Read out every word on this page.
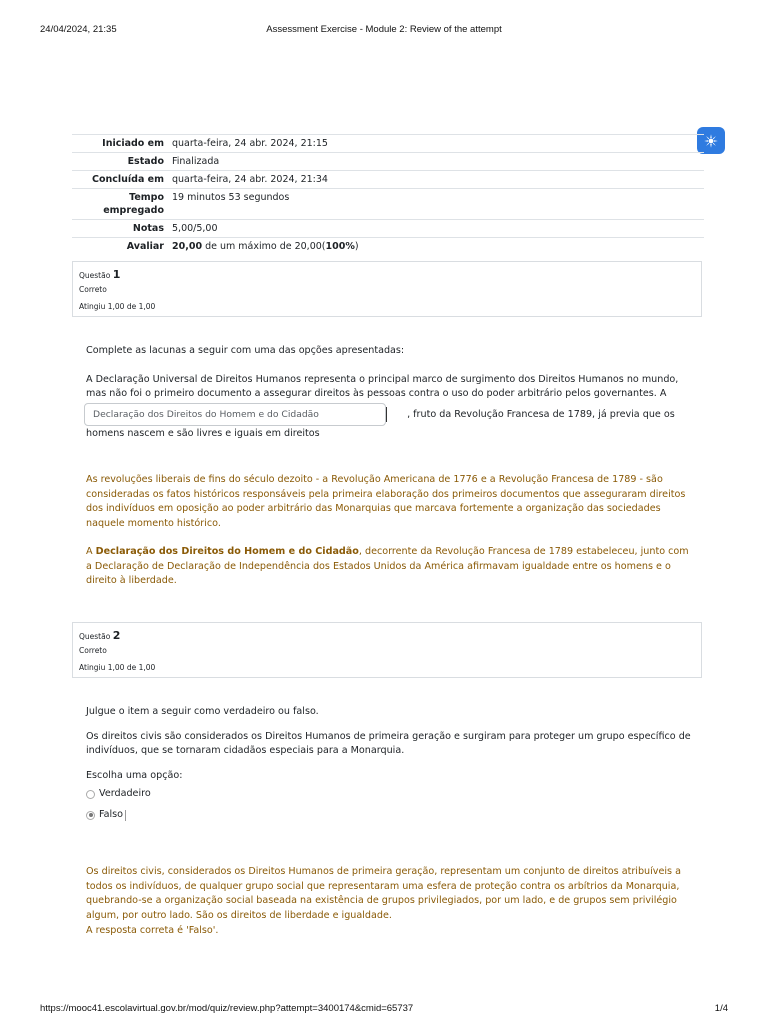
24/04/2024, 21:35	Assessment Exercise - Module 2: Review of the attempt
Iniciado em quarta-feira, 24 abr. 2024, 21:15
Estado Finalizada
Concluída em quarta-feira, 24 abr. 2024, 21:34
Tempo
empregado
19 minutos 53 segundos
Notas 5,00/5,00
Avaliar 20,00 de um máximo de 20,00(100%)
Questão 1
Correto
Atingiu 1,00 de 1,00
Complete as lacunas a seguir com uma das opções apresentadas:
A Declaração Universal de Direitos Humanos representa o principal marco de surgimento dos Direitos Humanos no mundo, mas não foi o primeiro documento a assegurar direitos às pessoas contra o uso do poder arbitrário pelos governantes. A
Declaração dos Direitos do Homem e do Cidadão	, fruto da Revolução Francesa de 1789, já previa que os
homens nascem e são livres e iguais em direitos
As revoluções liberais de fins do século dezoito - a Revolução Americana de 1776 e a Revolução Francesa de 1789 - são consideradas os fatos históricos responsáveis pela primeira elaboração dos primeiros documentos que asseguraram direitos dos indivíduos em oposição ao poder arbitrário das Monarquias que marcava fortemente a organização das sociedades naquele momento histórico.
A Declaração dos Direitos do Homem e do Cidadão, decorrente da Revolução Francesa de 1789 estabeleceu, junto com a Declaração de Declaração de Independência dos Estados Unidos da América afirmavam igualdade entre os homens e o direito à liberdade.
Questão 2
Correto
Atingiu 1,00 de 1,00
Julgue o item a seguir como verdadeiro ou falso.
Os direitos civis são considerados os Direitos Humanos de primeira geração e surgiram para proteger um grupo específico de indivíduos, que se tornaram cidadãos especiais para a Monarquia.
Escolha uma opção:
Verdadeiro
Falso
Os direitos civis, considerados os Direitos Humanos de primeira geração, representam um conjunto de direitos atribuíveis a todos os indivíduos, de qualquer grupo social que representaram uma esfera de proteção contra os arbítrios da Monarquia, quebrando-se a organização social baseada na existência de grupos privilegiados, por um lado, e de grupos sem privilégio algum, por outro lado. São os direitos de liberdade e igualdade.
A resposta correta é 'Falso'.
https://mooc41.escolavirtual.gov.br/mod/quiz/review.php?attempt=3400174&cmid=65737	1/4
